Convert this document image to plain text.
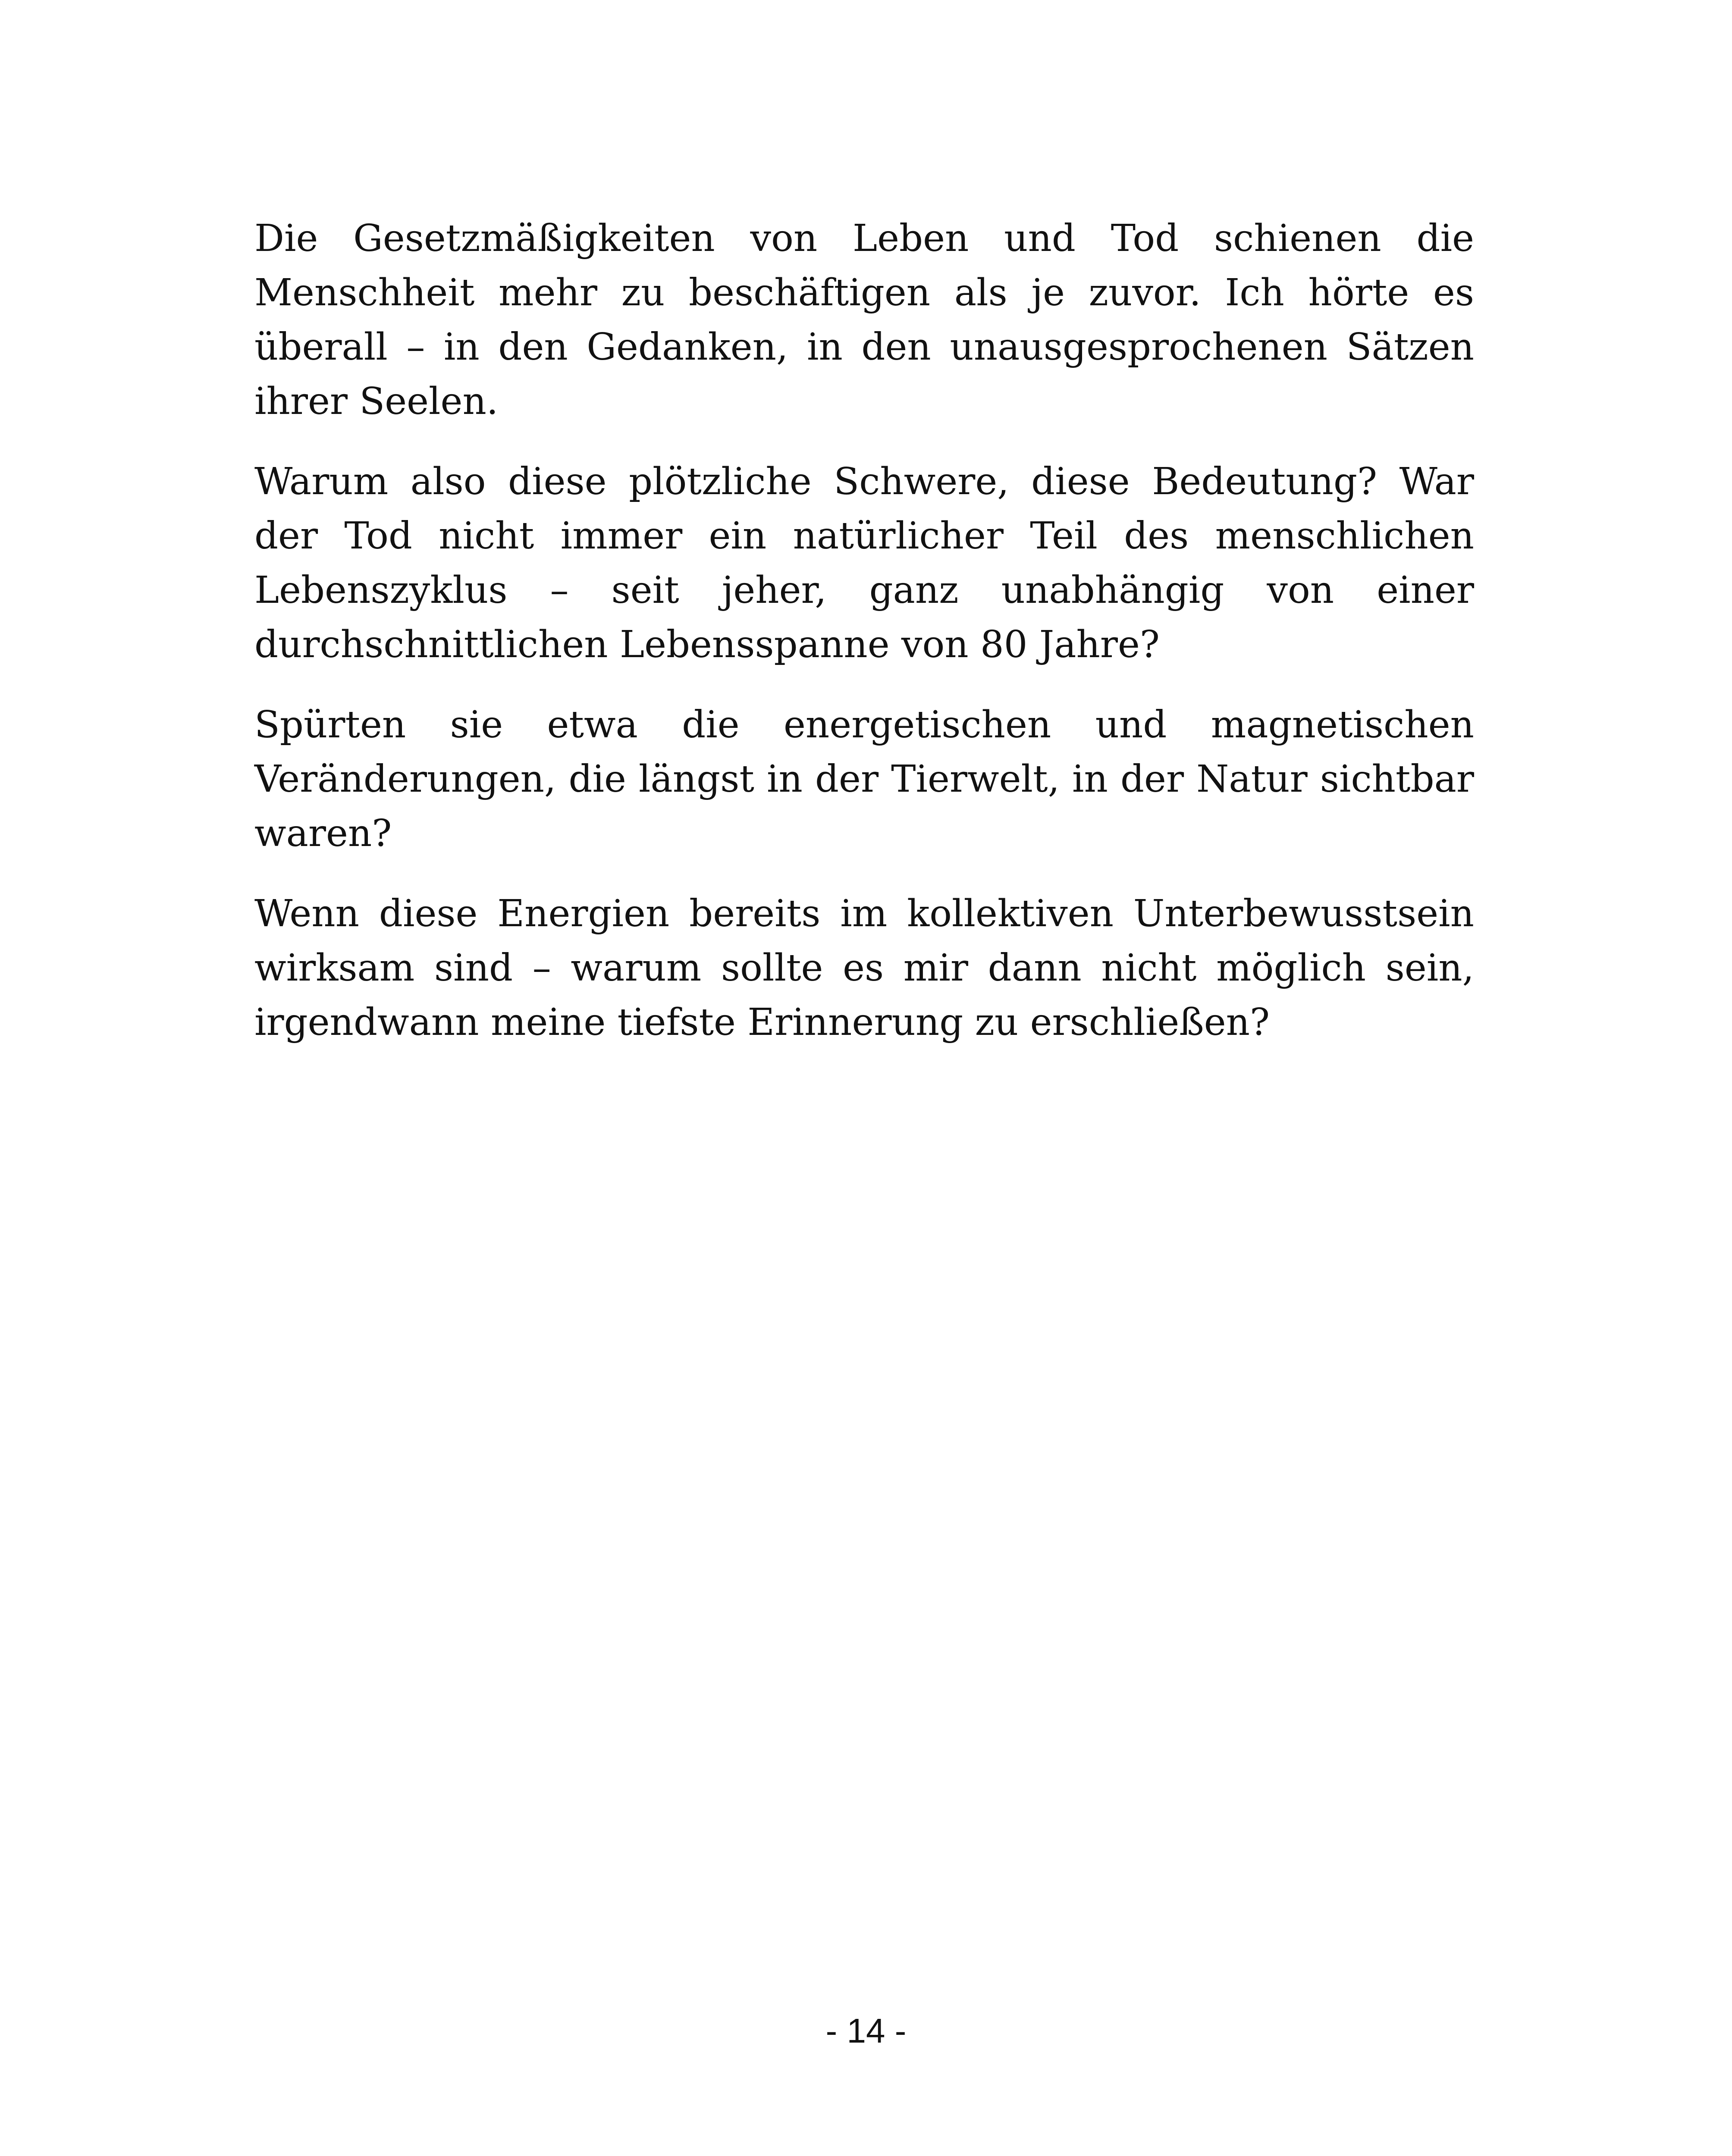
Die Gesetzmäßigkeiten von Leben und Tod schienen die Menschheit mehr zu beschäftigen als je zuvor. Ich hörte es überall – in den Gedanken, in den unausgesprochenen Sätzen ihrer Seelen.

Warum also diese plötzliche Schwere, diese Bedeutung? War der Tod nicht immer ein natürlicher Teil des menschlichen Lebenszyklus – seit jeher, ganz unabhängig von einer durchschnittlichen Lebensspanne von 80 Jahre?

Spürten sie etwa die energetischen und magnetischen Veränderungen, die längst in der Tierwelt, in der Natur sichtbar waren?

Wenn diese Energien bereits im kollektiven Unterbewusstsein wirksam sind – warum sollte es mir dann nicht möglich sein, irgendwann meine tiefste Erinnerung zu erschließen?

- 14 -
